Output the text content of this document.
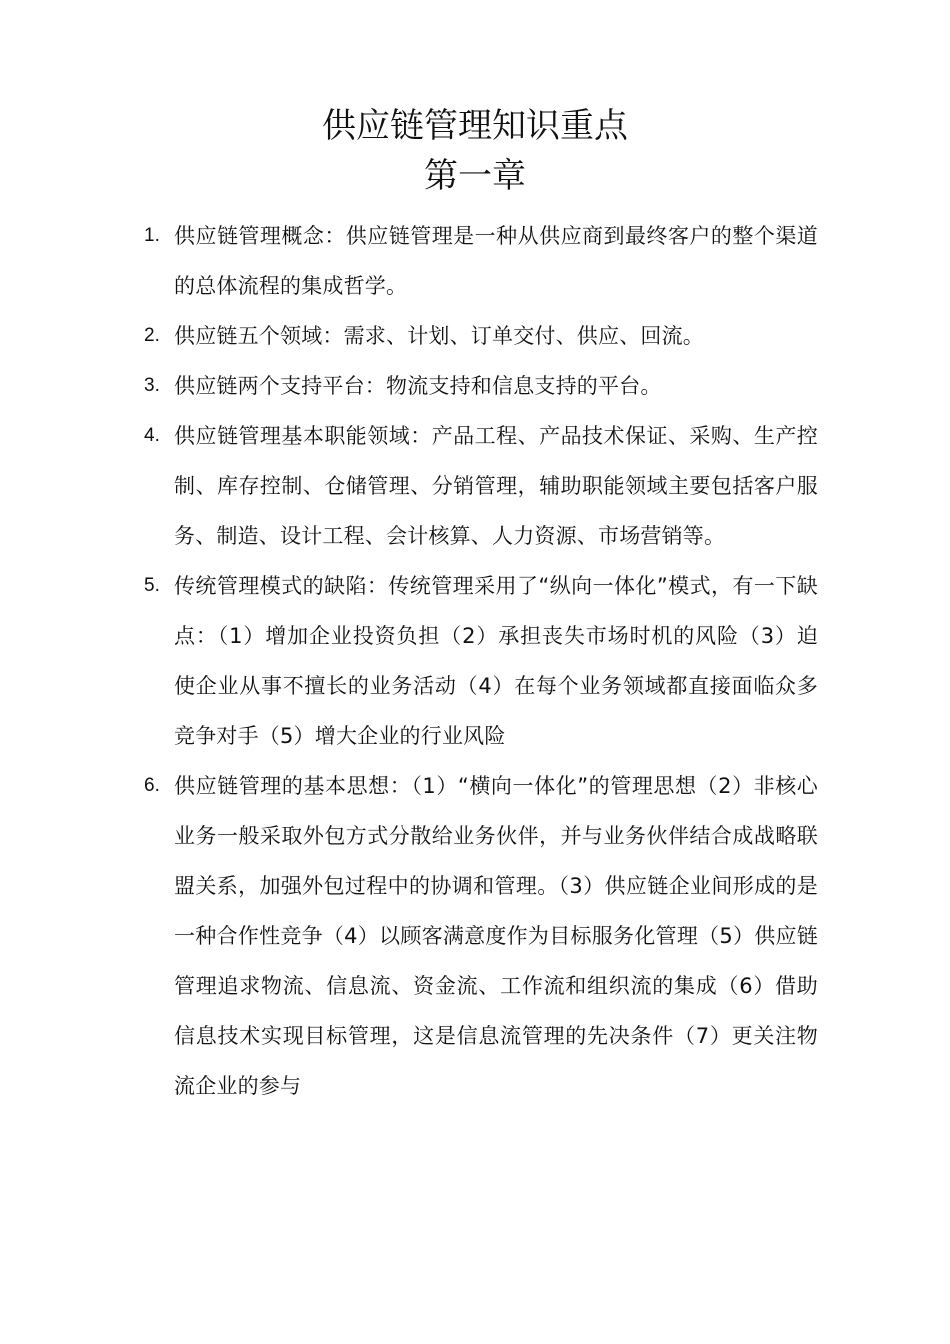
供应链管理知识重点
第一章
1. 供应链管理概念：供应链管理是一种从供应商到最终客户的整个渠道的总体流程的集成哲学。
2. 供应链五个领域：需求、计划、订单交付、供应、回流。
3. 供应链两个支持平台：物流支持和信息支持的平台。
4. 供应链管理基本职能领域：产品工程、产品技术保证、采购、生产控制、库存控制、仓储管理、分销管理，辅助职能领域主要包括客户服务、制造、设计工程、会计核算、人力资源、市场营销等。
5. 传统管理模式的缺陷：传统管理采用了“纵向一体化”模式，有一下缺点：（1）增加企业投资负担（2）承担丧失市场时机的风险（3）迫使企业从事不擅长的业务活动（4）在每个业务领域都直接面临众多竞争对手（5）增大企业的行业风险
6. 供应链管理的基本思想：（1）“横向一体化”的管理思想（2）非核心业务一般采取外包方式分散给业务伙伴，并与业务伙伴结合成战略联盟关系，加强外包过程中的协调和管理。（3）供应链企业间形成的是一种合作性竞争（4）以顾客满意度作为目标服务化管理（5）供应链管理追求物流、信息流、资金流、工作流和组织流的集成（6）借助信息技术实现目标管理，这是信息流管理的先决条件（7）更关注物流企业的参与
